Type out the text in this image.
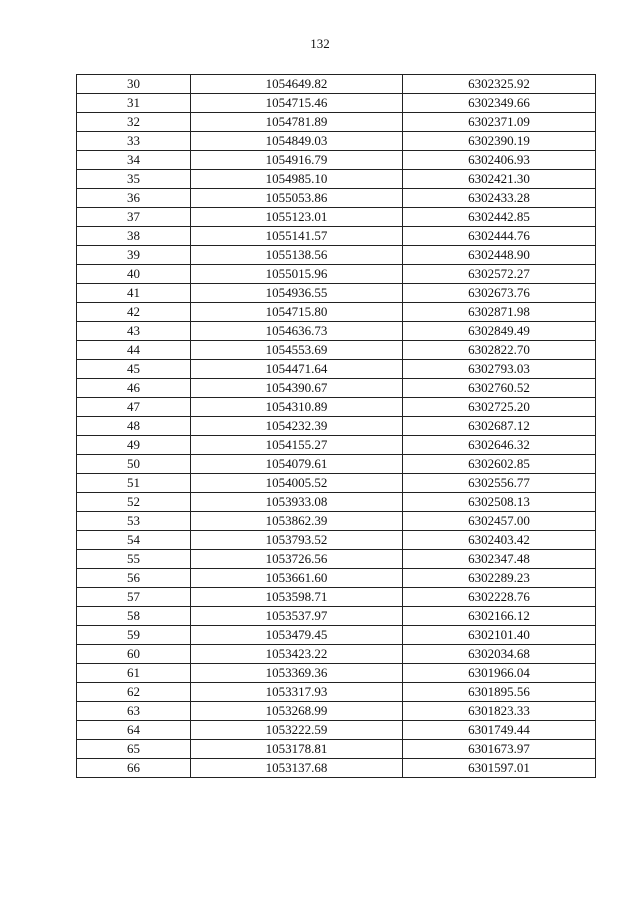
132
30	1054649.82	6302325.92
31	1054715.46	6302349.66
32	1054781.89	6302371.09
33	1054849.03	6302390.19
34	1054916.79	6302406.93
35	1054985.10	6302421.30
36	1055053.86	6302433.28
37	1055123.01	6302442.85
38	1055141.57	6302444.76
39	1055138.56	6302448.90
40	1055015.96	6302572.27
41	1054936.55	6302673.76
42	1054715.80	6302871.98
43	1054636.73	6302849.49
44	1054553.69	6302822.70
45	1054471.64	6302793.03
46	1054390.67	6302760.52
47	1054310.89	6302725.20
48	1054232.39	6302687.12
49	1054155.27	6302646.32
50	1054079.61	6302602.85
51	1054005.52	6302556.77
52	1053933.08	6302508.13
53	1053862.39	6302457.00
54	1053793.52	6302403.42
55	1053726.56	6302347.48
56	1053661.60	6302289.23
57	1053598.71	6302228.76
58	1053537.97	6302166.12
59	1053479.45	6302101.40
60	1053423.22	6302034.68
61	1053369.36	6301966.04
62	1053317.93	6301895.56
63	1053268.99	6301823.33
64	1053222.59	6301749.44
65	1053178.81	6301673.97
66	1053137.68	6301597.01
